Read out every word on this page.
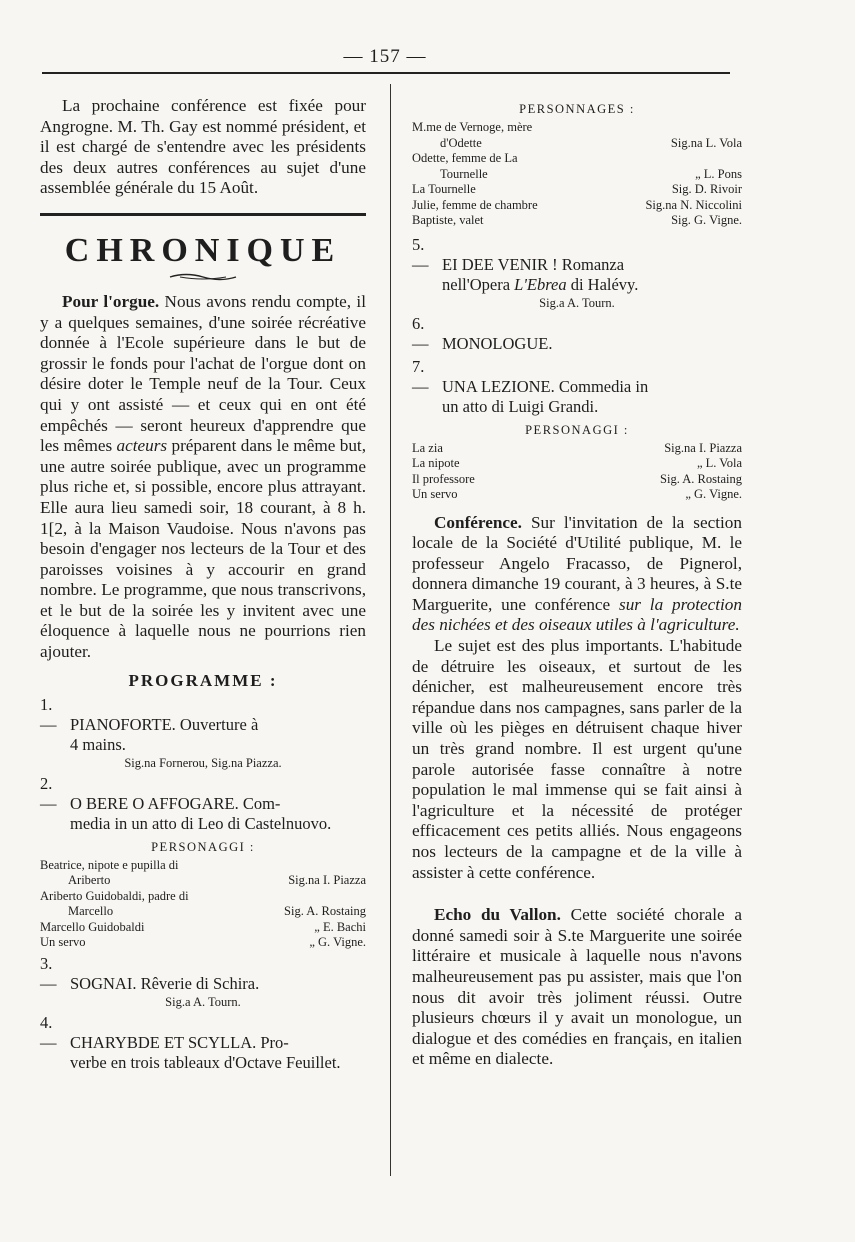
— 157 —

La prochaine conférence est fixée pour Angrogne. M. Th. Gay est nommé président, et il est chargé de s'entendre avec les présidents des deux autres conférences au sujet d'une assemblée générale du 15 Août.

CHRONIQUE

Pour l'orgue. Nous avons rendu compte, il y a quelques semaines, d'une soirée récréative donnée à l'Ecole supérieure dans le but de grossir le fonds pour l'achat de l'orgue dont on désire doter le Temple neuf de la Tour. Ceux qui y ont assisté — et ceux qui en ont été empêchés — seront heureux d'apprendre que les mêmes acteurs préparent dans le même but, une autre soirée publique, avec un programme plus riche et, si possible, encore plus attrayant. Elle aura lieu samedi soir, 18 courant, à 8 h. 1[2, à la Maison Vaudoise. Nous n'avons pas besoin d'engager nos lecteurs de la Tour et des paroisses voisines à y accourir en grand nombre. Le programme, que nous transcrivons, et le but de la soirée les y invitent avec une éloquence à laquelle nous ne pourrions rien ajouter.

PROGRAMME :
1. — PIANOFORTE. Ouverture à
4 mains.
Sig.na Fornerou, Sig.na Piazza.
2. — O BERE O AFFOGARE. Com-
media in un atto di Leo di Castelnuovo.
PERSONAGGI :
Beatrice, nipote e pupilla di
Ariberto	Sig.na I. Piazza
Ariberto Guidobaldi, padre di
Marcello	Sig. A. Rostaing
Marcello Guidobaldi	„ E. Bachi
Un servo	„ G. Vigne.
3. — SOGNAI. Rêverie di Schira.
Sig.a A. Tourn.
4. — CHARYBDE ET SCYLLA. Pro-
verbe en trois tableaux d'Octave Feuillet.
PERSONNAGES :
M.me de Vernoge, mère
d'Odette	Sig.na L. Vola
Odette, femme de La
Tournelle	„ L. Pons
La Tournelle	Sig. D. Rivoir
Julie, femme de chambre	Sig.na N. Niccolini
Baptiste, valet	Sig. G. Vigne.
5. — EI DEE VENIR ! Romanza
nell'Opera L'Ebrea di Halévy.
Sig.a A. Tourn.
6. — MONOLOGUE.
7. — UNA LEZIONE. Commedia in
un atto di Luigi Grandi.
PERSONAGGI :
La zia	Sig.na I. Piazza
La nipote	„ L. Vola
Il professore	Sig. A. Rostaing
Un servo	„ G. Vigne.

Conférence. Sur l'invitation de la section locale de la Société d'Utilité publique, M. le professeur Angelo Fracasso, de Pignerol, donnera dimanche 19 courant, à 3 heures, à S.te Marguerite, une conférence sur la protection des nichées et des oiseaux utiles à l'agriculture.

Le sujet est des plus importants. L'habitude de détruire les oiseaux, et surtout de les dénicher, est malheureusement encore très répandue dans nos campagnes, sans parler de la ville où les pièges en détruisent chaque hiver un très grand nombre. Il est urgent qu'une parole autorisée fasse connaître à notre population le mal immense qui se fait ainsi à l'agriculture et la nécessité de protéger efficacement ces petits alliés. Nous engageons nos lecteurs de la campagne et de la ville à assister à cette conférence.

Echo du Vallon. Cette société chorale a donné samedi soir à S.te Marguerite une soirée littéraire et musicale à laquelle nous n'avons malheureusement pas pu assister, mais que l'on nous dit avoir très joliment réussi. Outre plusieurs chœurs il y avait un monologue, un dialogue et des comédies en français, en italien et même en dialecte.
